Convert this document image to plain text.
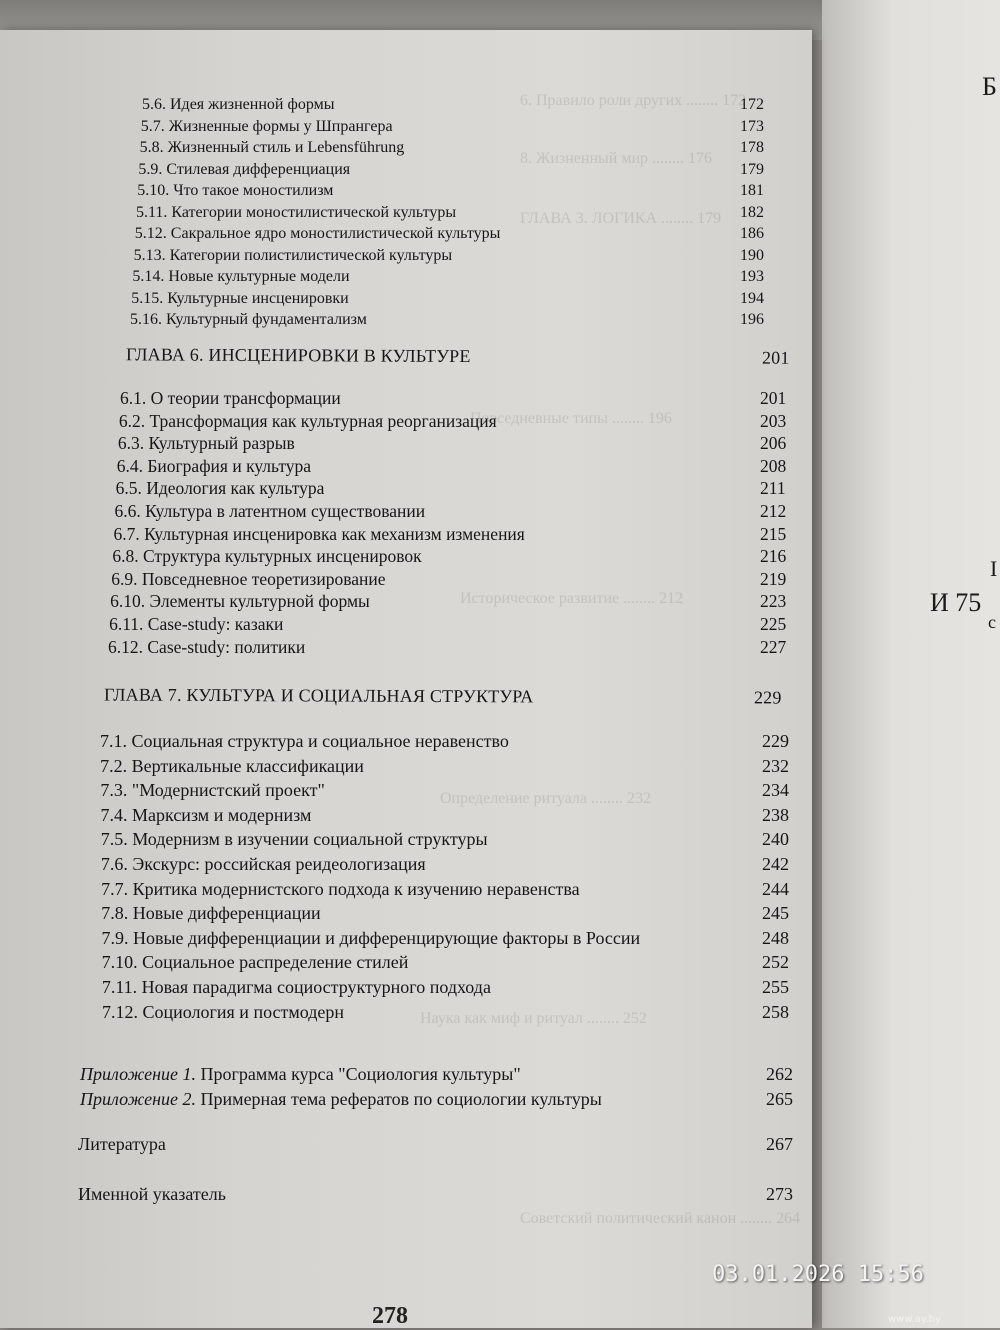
Б
I
И 75
с
6. Правило роли других ........ 172
8. Жизненный мир ........ 176
ГЛАВА 3. ЛОГИКА ........ 179
Повседневные типы ........ 196
Историческое развитие ........ 212
Определение ритуала ........ 232
Наука как миф и ритуал ........ 252
Советский политический канон ........ 264
5.6. Идея жизненной формы	172
5.7. Жизненные формы у Шпрангера	173
5.8. Жизненный стиль и Lebensführung	178
5.9. Стилевая дифференциация	179
5.10. Что такое моностилизм	181
5.11. Категории моностилистической культуры	182
5.12. Сакральное ядро моностилистической культуры	186
5.13. Категории полистилистической культуры	190
5.14. Новые культурные модели	193
5.15. Культурные инсценировки	194
5.16. Культурный фундаментализм	196
ГЛАВА 6. ИНСЦЕНИРОВКИ В КУЛЬТУРЕ	201
6.1. О теории трансформации	201
6.2. Трансформация как культурная реорганизация	203
6.3. Культурный разрыв	206
6.4. Биография и культура	208
6.5. Идеология как культура	211
6.6. Культура в латентном существовании	212
6.7. Культурная инсценировка как механизм изменения	215
6.8. Структура культурных инсценировок	216
6.9. Повседневное теоретизирование	219
6.10. Элементы культурной формы	223
6.11. Case-study: казаки	225
6.12. Case-study: политики	227
ГЛАВА 7. КУЛЬТУРА И СОЦИАЛЬНАЯ СТРУКТУРА	229
7.1. Социальная структура и социальное неравенство	229
7.2. Вертикальные классификации	232
7.3. "Модернистский проект"	234
7.4. Марксизм и модернизм	238
7.5. Модернизм в изучении социальной структуры	240
7.6. Экскурс: российская реидеологизация	242
7.7. Критика модернистского подхода к изучению неравенства	244
7.8. Новые дифференциации	245
7.9. Новые дифференциации и дифференцирующие факторы в России	248
7.10. Социальное распределение стилей	252
7.11. Новая парадигма социоструктурного подхода	255
7.12. Социология и постмодерн	258
Приложение 1. Программа курса "Социология культуры"	262
Приложение 2. Примерная тема рефератов по социологии культуры	265
Литература	267
Именной указатель	273
278
03.01.2026 15:56
www.ay.by
